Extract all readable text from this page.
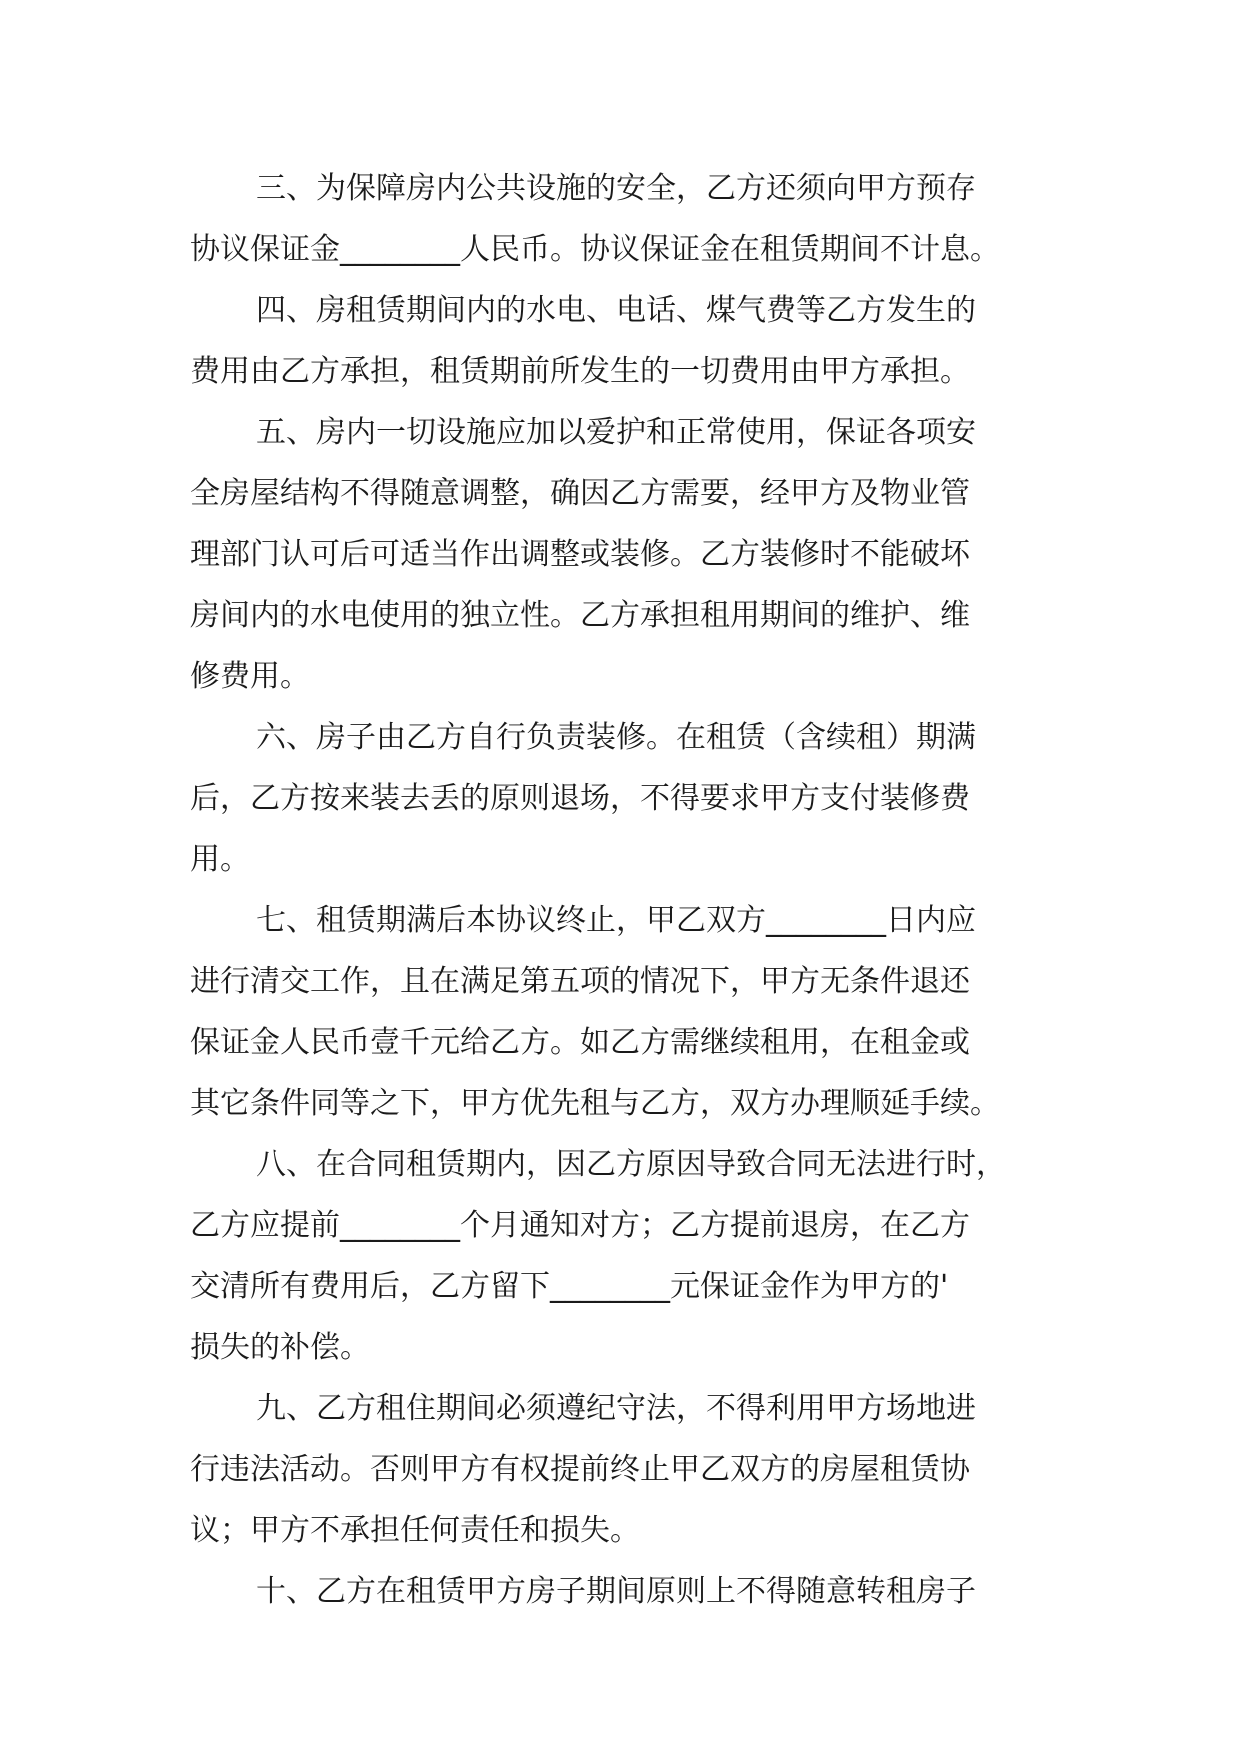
三、为保障房内公共设施的安全，乙方还须向甲方预存
协议保证金________人民币。协议保证金在租赁期间不计息。
四、房租赁期间内的水电、电话、煤气费等乙方发生的
费用由乙方承担，租赁期前所发生的一切费用由甲方承担。
五、房内一切设施应加以爱护和正常使用，保证各项安
全房屋结构不得随意调整，确因乙方需要，经甲方及物业管
理部门认可后可适当作出调整或装修。乙方装修时不能破坏
房间内的水电使用的独立性。乙方承担租用期间的维护、维
修费用。
六、房子由乙方自行负责装修。在租赁（含续租）期满
后，乙方按来装去丢的原则退场，不得要求甲方支付装修费
用。
七、租赁期满后本协议终止，甲乙双方________日内应
进行清交工作，且在满足第五项的情况下，甲方无条件退还
保证金人民币壹千元给乙方。如乙方需继续租用，在租金或
其它条件同等之下，甲方优先租与乙方，双方办理顺延手续。
八、在合同租赁期内，因乙方原因导致合同无法进行时，
乙方应提前________个月通知对方；乙方提前退房，在乙方
交清所有费用后，乙方留下________元保证金作为甲方的'
损失的补偿。
九、乙方租住期间必须遵纪守法，不得利用甲方场地进
行违法活动。否则甲方有权提前终止甲乙双方的房屋租赁协
议；甲方不承担任何责任和损失。
十、乙方在租赁甲方房子期间原则上不得随意转租房子
